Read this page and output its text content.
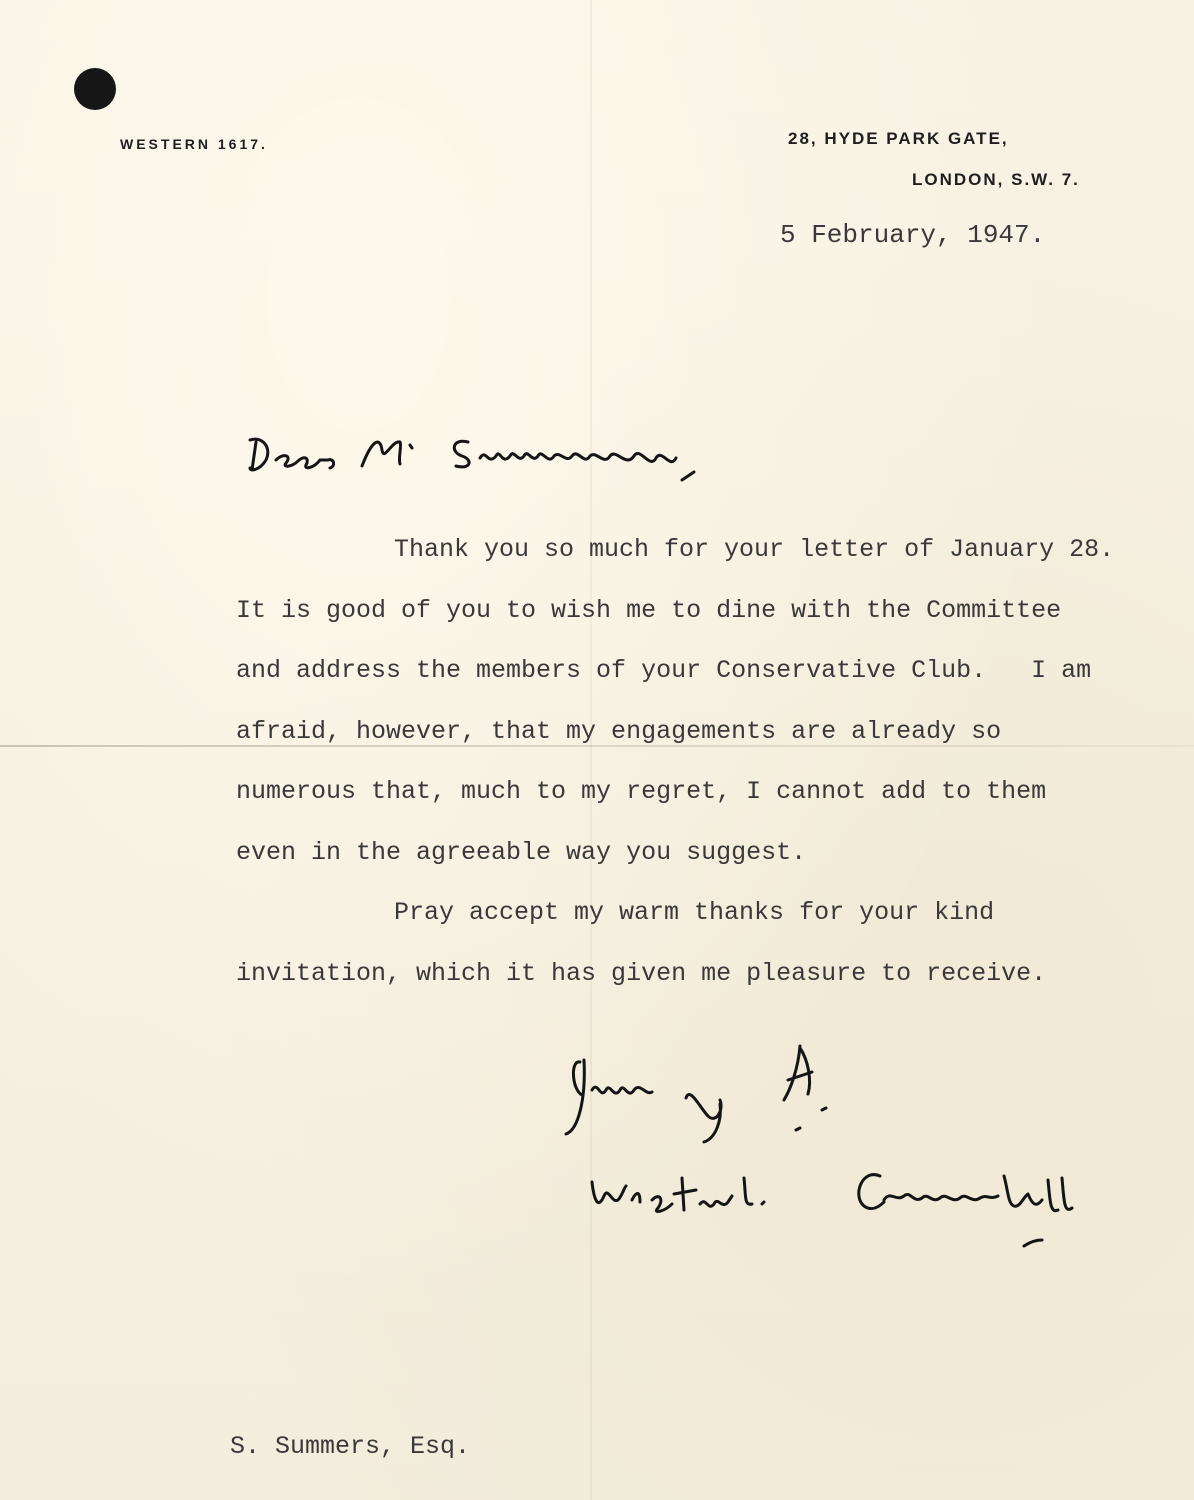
WESTERN 1617.	28, HYDE PARK GATE,
LONDON, S.W. 7.
5 February, 1947.
Thank you so much for your letter of January 28.
It is good of you to wish me to dine with the Committee
and address the members of your Conservative Club.   I am
afraid, however, that my engagements are already so
numerous that, much to my regret, I cannot add to them
even in the agreeable way you suggest.
Pray accept my warm thanks for your kind
invitation, which it has given me pleasure to receive.
S. Summers, Esq.
